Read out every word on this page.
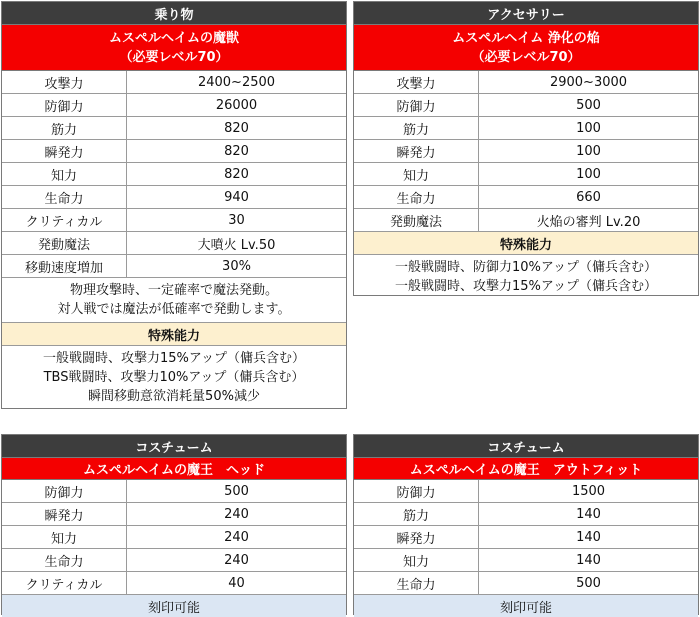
乗り物
ムスペルヘイムの魔獣
（必要レベル70）
攻撃力	2400~2500
防御力	26000
筋力	820
瞬発力	820
知力	820
生命力	940
クリティカル	30
発動魔法	大噴火 Lv.50
移動速度増加	30%
物理攻撃時、一定確率で魔法発動。
対人戦では魔法が低確率で発動します。
特殊能力
一般戦闘時、攻撃力15%アップ（傭兵含む）
TBS戦闘時、攻撃力10%アップ（傭兵含む）
瞬間移動意欲消耗量50%減少
アクセサリー
ムスペルヘイム 浄化の焔
（必要レベル70）
攻撃力	2900~3000
防御力	500
筋力	100
瞬発力	100
知力	100
生命力	660
発動魔法	火焔の審判 Lv.20
特殊能力
一般戦闘時、防御力10%アップ（傭兵含む）
一般戦闘時、攻撃力15%アップ（傭兵含む）
コスチューム
ムスペルヘイムの魔王　ヘッド
防御力	500
瞬発力	240
知力	240
生命力	240
クリティカル	40
刻印可能
コスチューム
ムスペルヘイムの魔王　アウトフィット
防御力	1500
筋力	140
瞬発力	140
知力	140
生命力	500
刻印可能
